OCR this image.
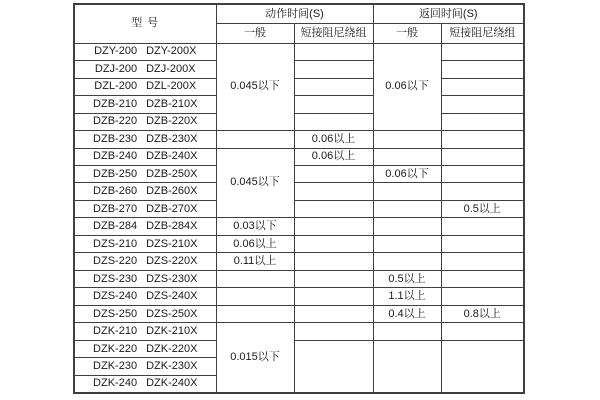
型 号	动作时间(S)		返回时间(S)	
	一般	短接阻尼绕组	一般	短接阻尼绕组

DZY-200 DZY-200X	0.045以下		0.06以下	

DZJ-200 DZJ-200X				

DZL-200 DZL-200X				

DZB-210 DZB-210X				

DZB-220 DZB-220X				

DZB-230 DZB-230X		0.06以上		

DZB-240 DZB-240X	0.045以下	0.06以上		

DZB-250 DZB-250X			0.06以下	

DZB-260 DZB-260X				

DZB-270 DZB-270X				0.5以上

DZB-284 DZB-284X	0.03以下			

DZS-210 DZS-210X	0.06以上			

DZS-220 DZS-220X	0.11以上			

DZS-230 DZS-230X			0.5以上	

DZS-240 DZS-240X			1.1以上	

DZS-250 DZS-250X			0.4以上	0.8以上

DZK-210 DZK-210X	0.015以下			

DZK-220 DZK-220X				

DZK-230 DZK-230X				

DZK-240 DZK-240X				
